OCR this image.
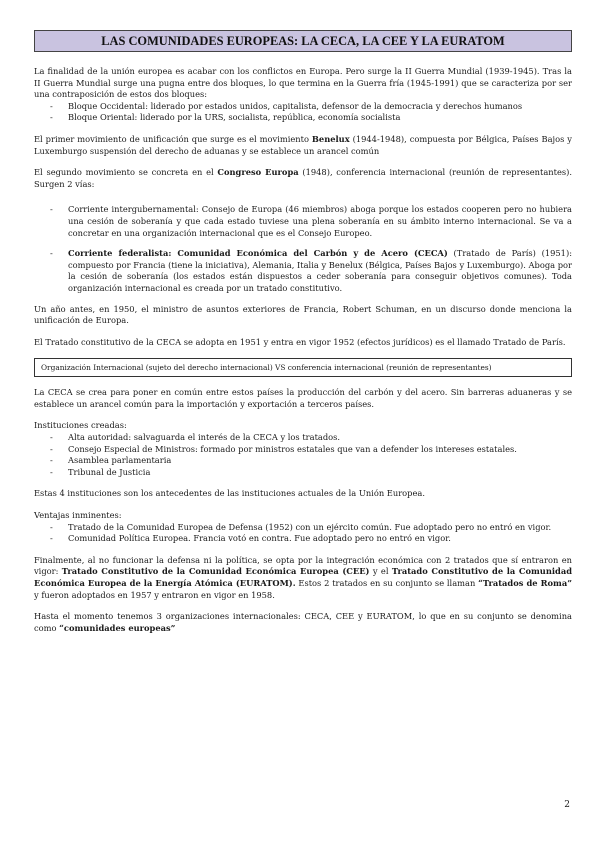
LAS COMUNIDADES EUROPEAS: LA CECA, LA CEE Y LA EURATOM

La finalidad de la unión europea es acabar con los conflictos en Europa. Pero surge la II Guerra Mundial (1939-1945). Tras la II Guerra Mundial surge una pugna entre dos bloques, lo que termina en la Guerra fría (1945-1991) que se caracteriza por ser una contraposición de estos dos bloques:

- Bloque Occidental: liderado por estados unidos, capitalista, defensor de la democracia y derechos humanos
- Bloque Oriental: liderado por la URS, socialista, república, economía socialista

El primer movimiento de unificación que surge es el movimiento Benelux (1944-1948), compuesta por Bélgica, Países Bajos y Luxemburgo suspensión del derecho de aduanas y se establece un arancel común

El segundo movimiento se concreta en el Congreso Europa (1948), conferencia internacional (reunión de representantes). Surgen 2 vías:

- Corriente intergubernamental: Consejo de Europa (46 miembros) aboga porque los estados cooperen pero no hubiera una cesión de soberanía y que cada estado tuviese una plena soberanía en su ámbito interno internacional. Se va a concretar en una organización internacional que es el Consejo Europeo.
- Corriente federalista: Comunidad Económica del Carbón y de Acero (CECA) (Tratado de París) (1951): compuesto por Francia (tiene la iniciativa), Alemania, Italia y Benelux (Bélgica, Países Bajos y Luxemburgo). Aboga por la cesión de soberanía (los estados están dispuestos a ceder soberanía para conseguir objetivos comunes). Toda organización internacional es creada por un tratado constitutivo.

Un año antes, en 1950, el ministro de asuntos exteriores de Francia, Robert Schuman, en un discurso donde menciona la unificación de Europa.

El Tratado constitutivo de la CECA se adopta en 1951 y entra en vigor 1952 (efectos jurídicos) es el llamado Tratado de París.

Organización Internacional (sujeto del derecho internacional) VS conferencia internacional (reunión de representantes)

La CECA se crea para poner en común entre estos países la producción del carbón y del acero. Sin barreras aduaneras y se establece un arancel común para la importación y exportación a terceros países.

Instituciones creadas:
- Alta autoridad: salvaguarda el interés de la CECA y los tratados.
- Consejo Especial de Ministros: formado por ministros estatales que van a defender los intereses estatales.
- Asamblea parlamentaria
- Tribunal de Justicia

Estas 4 instituciones son los antecedentes de las instituciones actuales de la Unión Europea.

Ventajas inminentes:
- Tratado de la Comunidad Europea de Defensa (1952) con un ejército común. Fue adoptado pero no entró en vigor.
- Comunidad Política Europea. Francia votó en contra. Fue adoptado pero no entró en vigor.

Finalmente, al no funcionar la defensa ni la política, se opta por la integración económica con 2 tratados que sí entraron en vigor: Tratado Constitutivo de la Comunidad Económica Europea (CEE) y el Tratado Constitutivo de la Comunidad Económica Europea de la Energía Atómica (EURATOM). Estos 2 tratados en su conjunto se llaman “Tratados de Roma” y fueron adoptados en 1957 y entraron en vigor en 1958.

Hasta el momento tenemos 3 organizaciones internacionales: CECA, CEE y EURATOM, lo que en su conjunto se denomina como “comunidades europeas”

2
